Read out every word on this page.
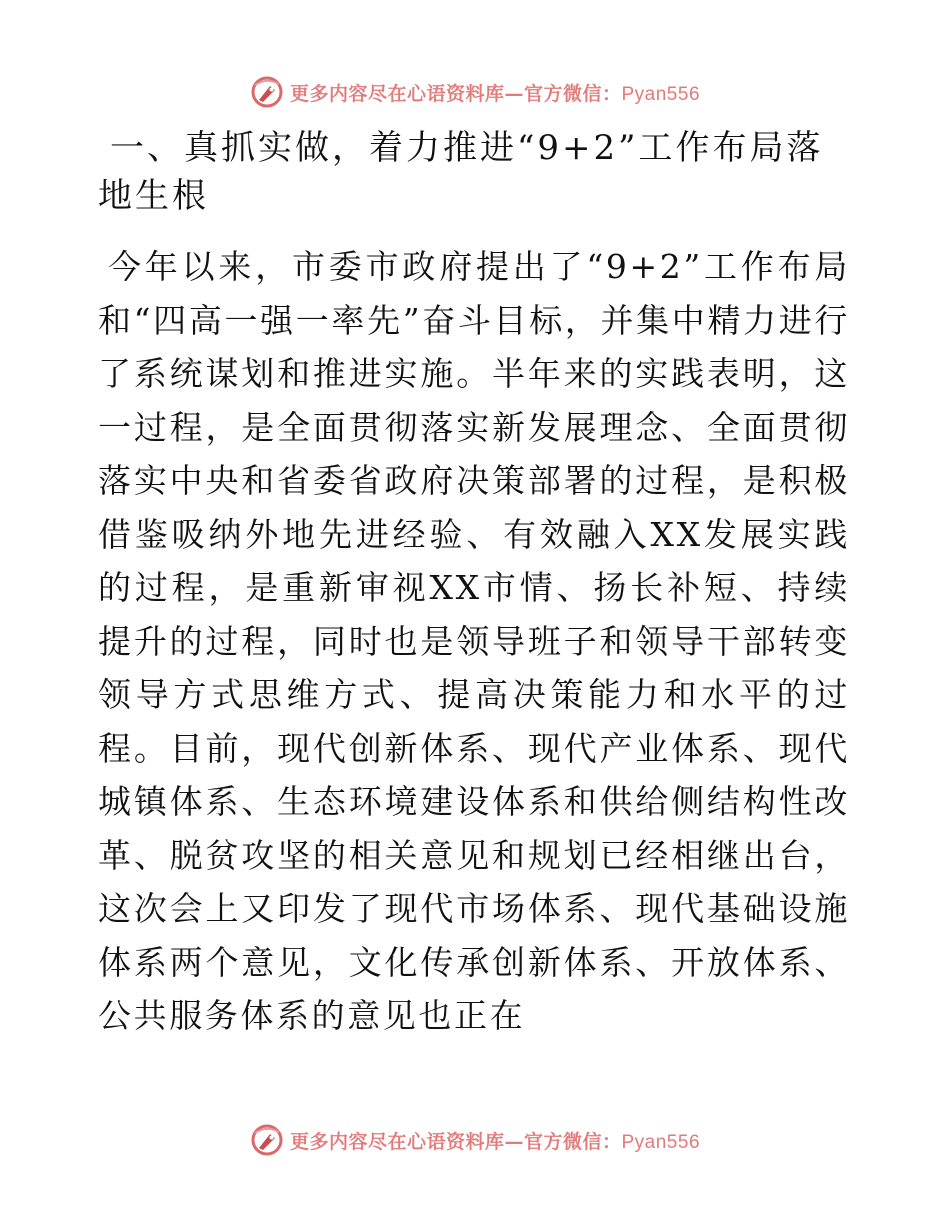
更多内容尽在心语资料库—官方微信：Pyan556
一、真抓实做，着力推进“9+2”工作布局落地生根

今年以来，市委市政府提出了“9+2”工作布局和“四高一强一率先”奋斗目标，并集中精力进行了系统谋划和推进实施。半年来的实践表明，这一过程，是全面贯彻落实新发展理念、全面贯彻落实中央和省委省政府决策部署的过程，是积极借鉴吸纳外地先进经验、有效融入XX发展实践的过程，是重新审视XX市情、扬长补短、持续提升的过程，同时也是领导班子和领导干部转变领导方式思维方式、提高决策能力和水平的过程。目前，现代创新体系、现代产业体系、现代城镇体系、生态环境建设体系和供给侧结构性改革、脱贫攻坚的相关意见和规划已经相继出台，这次会上又印发了现代市场体系、现代基础设施体系两个意见，文化传承创新体系、开放体系、公共服务体系的意见也正在

更多内容尽在心语资料库—官方微信：Pyan556
